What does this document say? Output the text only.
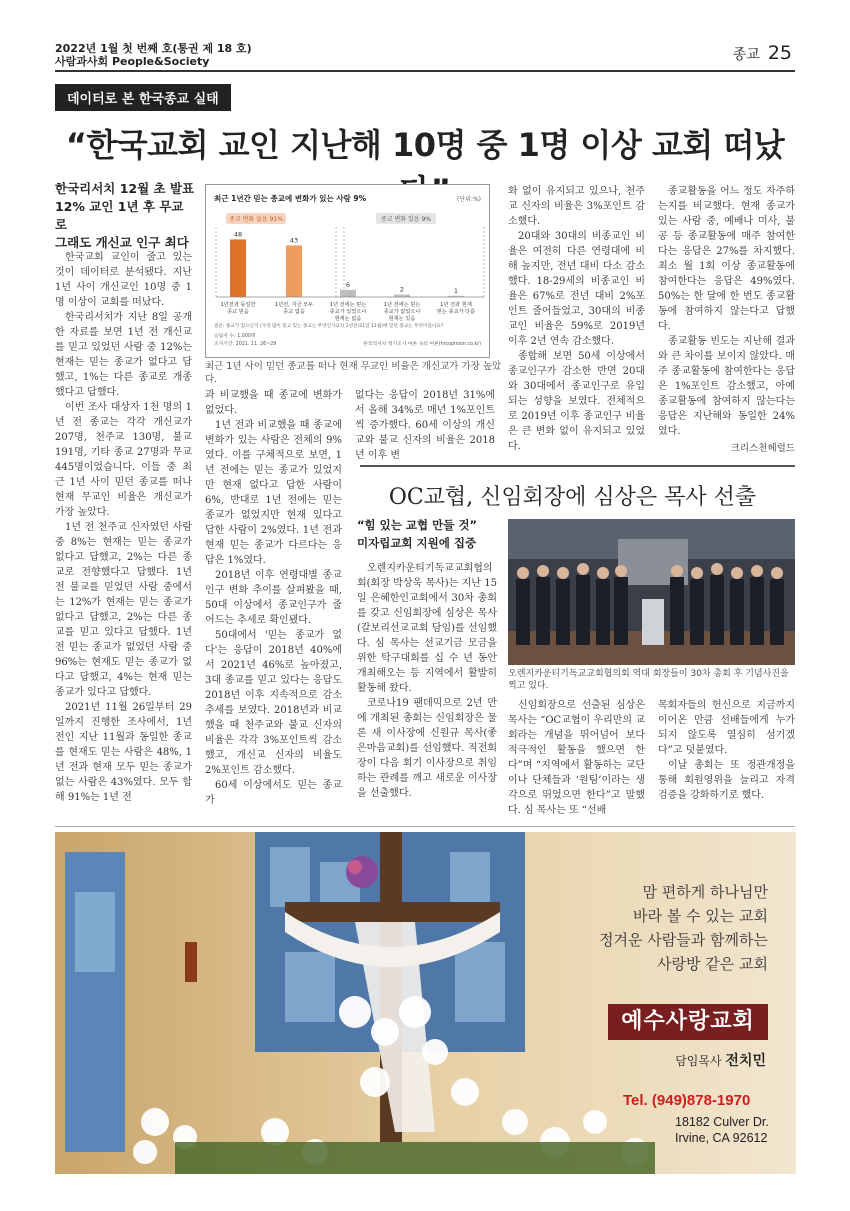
2022년 1월 첫 번째 호(통권 제 18 호)
사람과사회 People&Society	종교 25
데이터로 본 한국종교 실태
“한국교회 교인 지난해 10명 중 1명 이상 교회 떠났
한국리서치 12월 초 발표
12% 교인 1년 후 무교로
그래도 개신교 인구 최다

한국교회 교인이 줄고 있는 것이 데이터로 분석됐다. 지난 1년 사이 개신교인 10명 중 1명 이상이 교회를 떠났다.

한국리서치가 지난 8일 공개한 자료를 보면 1년 전 개신교를 믿고 있었던 사람 중 12%는 현재는 믿는 종교가 없다고 답했고, 1%는 다른 종교로 개종했다고 답했다.

이번 조사 대상자 1천 명의 1년 전 종교는 각각 개신교가 207명, 천주교 130명, 불교 191명, 기타 종교 27명과 무교 445명이었습니다. 이들 중 최근 1년 사이 믿던 종교를 떠나 현재 무교인 비율은 개신교가 가장 높았다.

1년 전 천주교 신자였던 사람 중 8%는 현재는 믿는 종교가 없다고 답했고, 2%는 다른 종교로 전향했다고 답했다. 1년 전 불교를 믿었던 사람 중에서는 12%가 현재는 믿는 종교가 없다고 답했고, 2%는 다른 종교를 믿고 있다고 답했다. 1년 전 믿는 종교가 없었던 사람 중 96%는 현재도 믿는 종교가 없다고 답했고, 4%는 현재 믿는 종교가 있다고 답했다.

2021년 11월 26일부터 29일까지 진행한 조사에서, 1년 전인 지난 11월과 동일한 종교를 현재도 믿는 사람은 48%, 1년 전과 현재 모두 믿는 종교가 없는 사람은 43%였다. 모두 합해 91%는 1년 전

최근 1년간 믿는 종교에 변화가 있는 사람 9%	(단위:%)
종교 변화 없음 91%	종교 변화 있음 9%
48
43
6
2	1
1년전과 동일한
종교 믿음
1년전, 지금 모두
종교 없음
1년 전에는 믿는
종교가 있었으나
현재는 없음
1년 전에는 믿는
종교가 없었으나
현재는 있음
1년 전과 현재
믿는 종교가 다름
질문: 종교가 있으신지 (가장 많이 믿고 있는 종교는 무엇인가요?) 1년전(21년 11월)에 믿던 종교는 무엇이었나요?
응답자 수: 1,000명
조사기간: 2021. 11. 26~29	한국리서치 정기조사 여론 속의 여론(hrcopinion.co.kr)
최근 1년 사이 믿던 종교를 떠나 현재 무교인 비율은 개신교가 가장 높았다.

과 비교했을 때 종교에 변화가 없었다.

1년 전과 비교했을 때 종교에 변화가 있는 사람은 전체의 9%였다. 이를 구체적으로 보면, 1년 전에는 믿는 종교가 있었지만 현재 없다고 답한 사람이 6%, 반대로 1년 전에는 믿는 종교가 없었지만 현재 있다고 답한 사람이 2%였다. 1년 전과 현재 믿는 종교가 다르다는 응답은 1%였다.

2018년 이후 연령대별 종교 인구 변화 추이를 살펴봤을 때, 50대 이상에서 종교인구가 줄어드는 추세로 확인됐다.

50대에서 '믿는 종교가 없다'는 응답이 2018년 40%에서 2021년 46%로 높아졌고, 3대 종교를 믿고 있다는 응답도 2018년 이후 지속적으로 감소 추세를 보였다. 2018년과 비교했을 때 천주교와 불교 신자의 비율은 각각 3%포인트씩 감소했고, 개신교 신자의 비율도 2%포인트 감소했다.

60세 이상에서도 믿는 종교가

없다는 응답이 2018년 31%에서 올해 34%로 매년 1%포인트씩 증가했다. 60세 이상의 개신교와 불교 신자의 비율은 2018년 이후 변

화 없이 유지되고 있으나, 천주교 신자의 비율은 3%포인트 감소했다.

20대와 30대의 비종교인 비율은 여전히 다른 연령대에 비해 높지만, 전년 대비 다소 감소했다. 18-29세의 비종교인 비율은 67%로 전년 대비 2%포인트 줄어들었고, 30대의 비종교인 비율은 59%로 2019년 이후 2년 연속 감소했다.

종합해 보면 50세 이상에서 종교인구가 감소한 반면 20대와 30대에서 종교인구로 유입되는 성향을 보였다. 전체적으로 2019년 이후 종교인구 비율은 큰 변화 없이 유지되고 있었다.

종교활동을 어느 정도 자주하는지를 비교했다. 현재 종교가 있는 사람 중, 예배나 미사, 불공 등 종교활동에 매주 참여한다는 응답은 27%를 차지했다. 최소 월 1회 이상 종교활동에 참여한다는 응답은 49%였다. 50%는 한 달에 한 번도 종교활동에 참여하지 않는다고 답했다.

종교활동 빈도는 지난해 결과와 큰 차이를 보이지 않았다. 매주 종교활동에 참여한다는 응답은 1%포인트 감소했고, 아예 종교활동에 참여하지 않는다는 응답은 지난해와 동일한 24%였다.

크리스천헤럴드
OC교협, 신임회장에 심상은 목사 선출
“힘 있는 교협 만들 것”
미자립교회 지원에 집중

오렌지카운티기독교교회협의회(회장 박상욱 목사)는 지난 15일 은혜한인교회에서 30차 총회를 갖고 신임회장에 심상은 목사(갈보리선교교회 담임)를 선임했다. 심 목사는 선교기금 모금을 위한 탁구대회를 십 수 년 동안 개최해오는 등 지역에서 활발히 활동해 왔다.

코로나19 팬데믹으로 2년 만에 개최된 총회는 신임회장은 물론 새 이사장에 신원규 목사(좋은마음교회)를 선임했다. 직전회장이 다음 회기 이사장으로 취임하는 관례를 깨고 새로운 이사장을 선출했다.

오렌지카운티기독교교회협의회 역대 회장들이 30차 총회 후 기념사진을 찍고 있다.

신임회장으로 선출된 심상은 목사는 “OC교협이 우리만의 교회라는 개념을 뛰어넘어 보다 적극적인 활동을 했으면 한다”며 “지역에서 활동하는 교단이나 단체들과 ‘원팀’이라는 생각으로 뛰었으면 한다”고 말했다. 심 목사는 또 “선배

목회자들의 헌신으로 지금까지 이어온 만큼 선배들에게 누가 되지 않도록 열심히 섬기겠다”고 덧붙였다.

이날 총회는 또 정관개정을 통해 회원영위을 늘리고 자격 검증을 강화하기로 했다.

맘 편하게 하나님만
바라 볼 수 있는 교회
정겨운 사람들과 함께하는
사랑방 같은 교회
예수사랑교회
담임목사 전치민
Tel. (949)878-1970
18182 Culver Dr.
Irvine, CA 92612
